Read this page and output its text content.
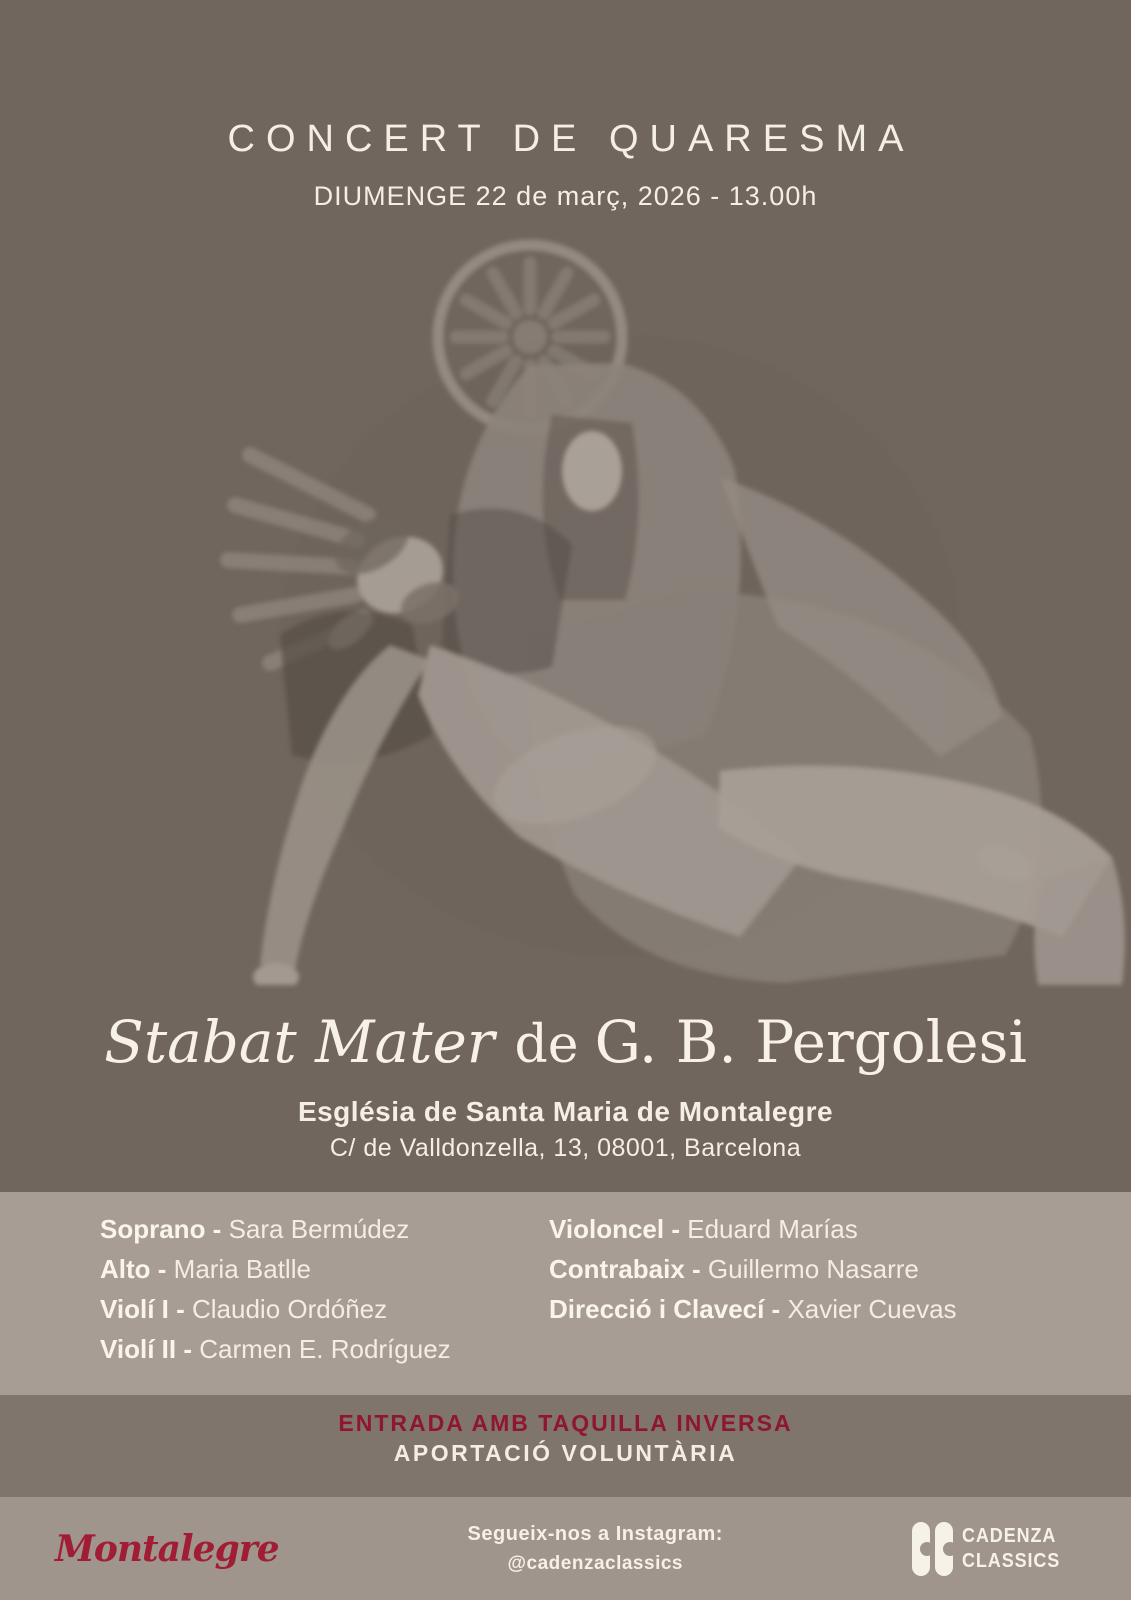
CONCERT DE QUARESMA

DIUMENGE 22 de març, 2026 - 13.00h

Stabat Mater de G. B. Pergolesi

Església de Santa Maria de Montalegre

C/ de Valldonzella, 13, 08001, Barcelona

Soprano - Sara Bermúdez
Alto - Maria Batlle
Violí I - Claudio Ordóñez
Violí II - Carmen E. Rodríguez
Violoncel - Eduard Marías
Contrabaix - Guillermo Nasarre
Direcció i Clavecí - Xavier Cuevas

ENTRADA AMB TAQUILLA INVERSA

APORTACIÓ VOLUNTÀRIA

Montalegre	Segueix-nos a Instagram:
@cadenzaclassics
CADENZA
CLASSICS
